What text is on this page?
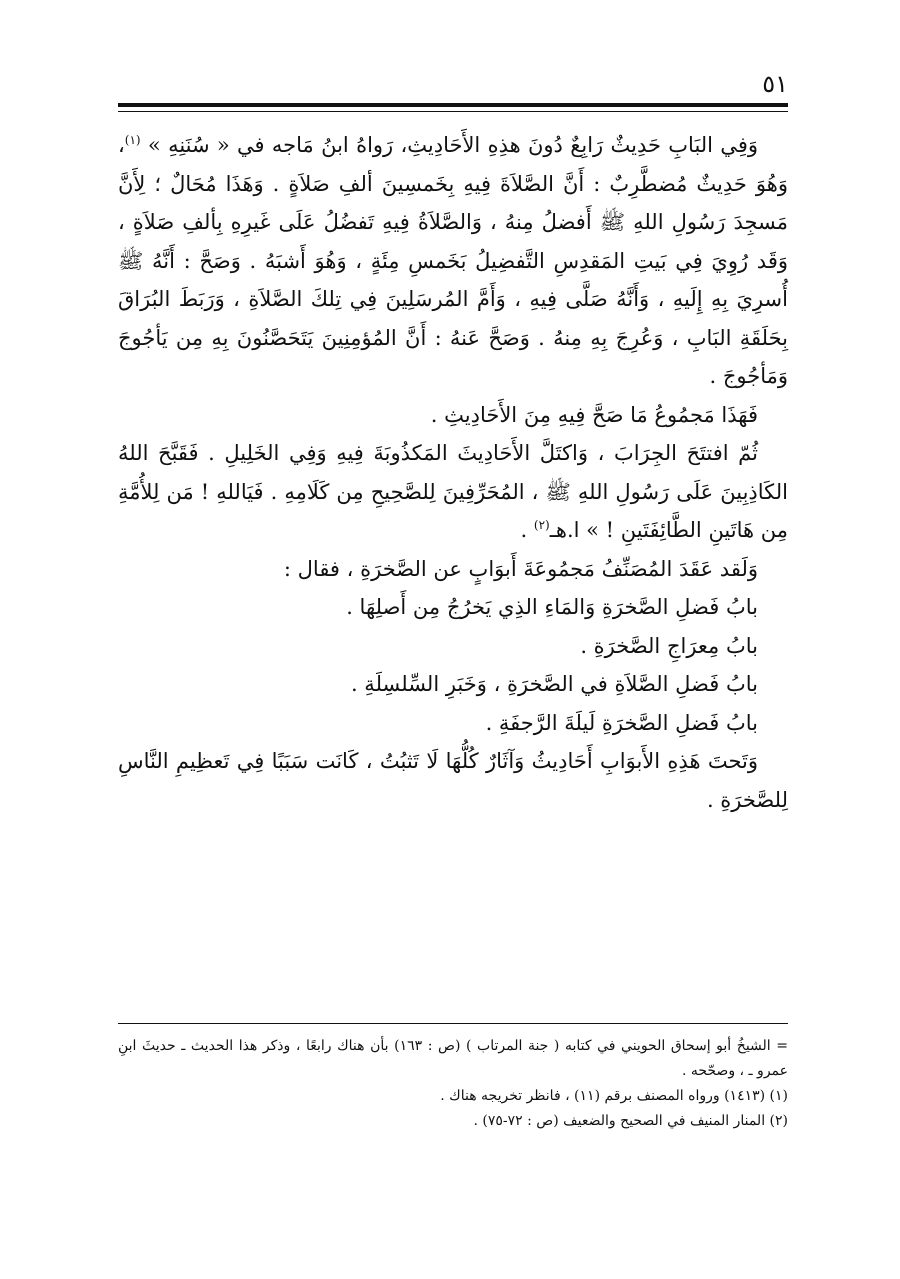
٥١

وَفِي البَابِ حَدِيثٌ رَابِعٌ دُونَ هذِهِ الأَحَادِيثِ، رَواهُ ابنُ مَاجه في « سُنَنِهِ » $^{(١)}$، وَهُوَ حَدِيثٌ مُضطَّرِبٌ : أَنَّ الصَّلاَةَ فِيهِ بِخَمسِينَ ألفِ صَلاَةٍ . وَهَذَا مُحَالٌ ؛ لِأَنَّ مَسجِدَ رَسُولِ اللهِ ﷺ أَفضلُ مِنهُ ، وَالصَّلاَةُ فِيهِ تَفضُلُ عَلَى غَيرِهِ بِألفِ صَلاَةٍ ، وَقَد رُوِيَ فِي بَيتِ المَقدِسِ التَّفضِيلُ بَخَمسِ مِئَةٍ ، وَهُوَ أَشبَهُ . وَصَحَّ : أَنَّهُ ﷺ أُسرِيَ بِهِ إِلَيهِ ، وَأَنَّهُ صَلَّى فِيهِ ، وَأَمَّ المُرسَلِينَ فِي تِلكَ الصَّلاَةِ ، وَرَبَطَ البُرَاقَ بِحَلَقَةِ البَابِ ، وَعُرِجَ بِهِ مِنهُ . وَصَحَّ عَنهُ : أَنَّ المُؤمِنِينَ يَتَحَصَّنُونَ بِهِ مِن يَأجُوجَ وَمَأجُوجَ .

فَهَذَا مَجمُوعُ مَا صَحَّ فِيهِ مِنَ الأَحَادِيثِ .

ثُمّ افتتَحَ الجِرَابَ ، وَاكتَلَّ الأَحَادِيثَ المَكذُوبَةَ فِيهِ وَفِي الخَلِيلِ . فَقَبَّحَ اللهُ الكَاذِبِينَ عَلَى رَسُولِ اللهِ ﷺ ، المُحَرِّفِينَ لِلصَّحِيحِ مِن كَلَامِهِ . فَيَاللهِ ! مَن لِلأُمَّةِ مِن هَاتَينِ الطَّائِفَتَينِ ! » ا.هـ$^{(٢)}$ .

وَلَقد عَقَدَ المُصَنِّفُ مَجمُوعَةَ أَبوَابٍ عن الصَّخرَةِ ، فقال :

بابُ فَضلِ الصَّخرَةِ وَالمَاءِ الذِي يَخرُجُ مِن أَصلِهَا .

بابُ مِعرَاجِ الصَّخرَةِ .

بابُ فَضلِ الصَّلاَةِ في الصَّخرَةِ ، وَخَبَرِ السِّلسِلَةِ .

بابُ فَضلِ الصَّخرَةِ لَيلَةَ الرَّجفَةِ .

وَتَحتَ هَذِهِ الأَبوَابِ أَحَادِيثُ وَآثَارٌ كُلُّهَا لَا تَثبُتُ ، كَانَت سَبَبًا فِي تَعظِيمِ النَّاسِ لِلصَّخرَةِ .

= الشيخُ أبو إسحاق الحويني في كتابه ( جنة المرتاب ) (ص : ١٦٣) بأن هناك رابعًا ، وذكر هذا الحديث ـ حديثَ ابنِ عمرو ـ ، وصحّحه .

(١) (١٤١٣) ورواه المصنف برقم (١١) ، فانظر تخريجه هناك .

(٢) المنار المنيف في الصحيح والضعيف (ص : ٧٢-٧٥) .
